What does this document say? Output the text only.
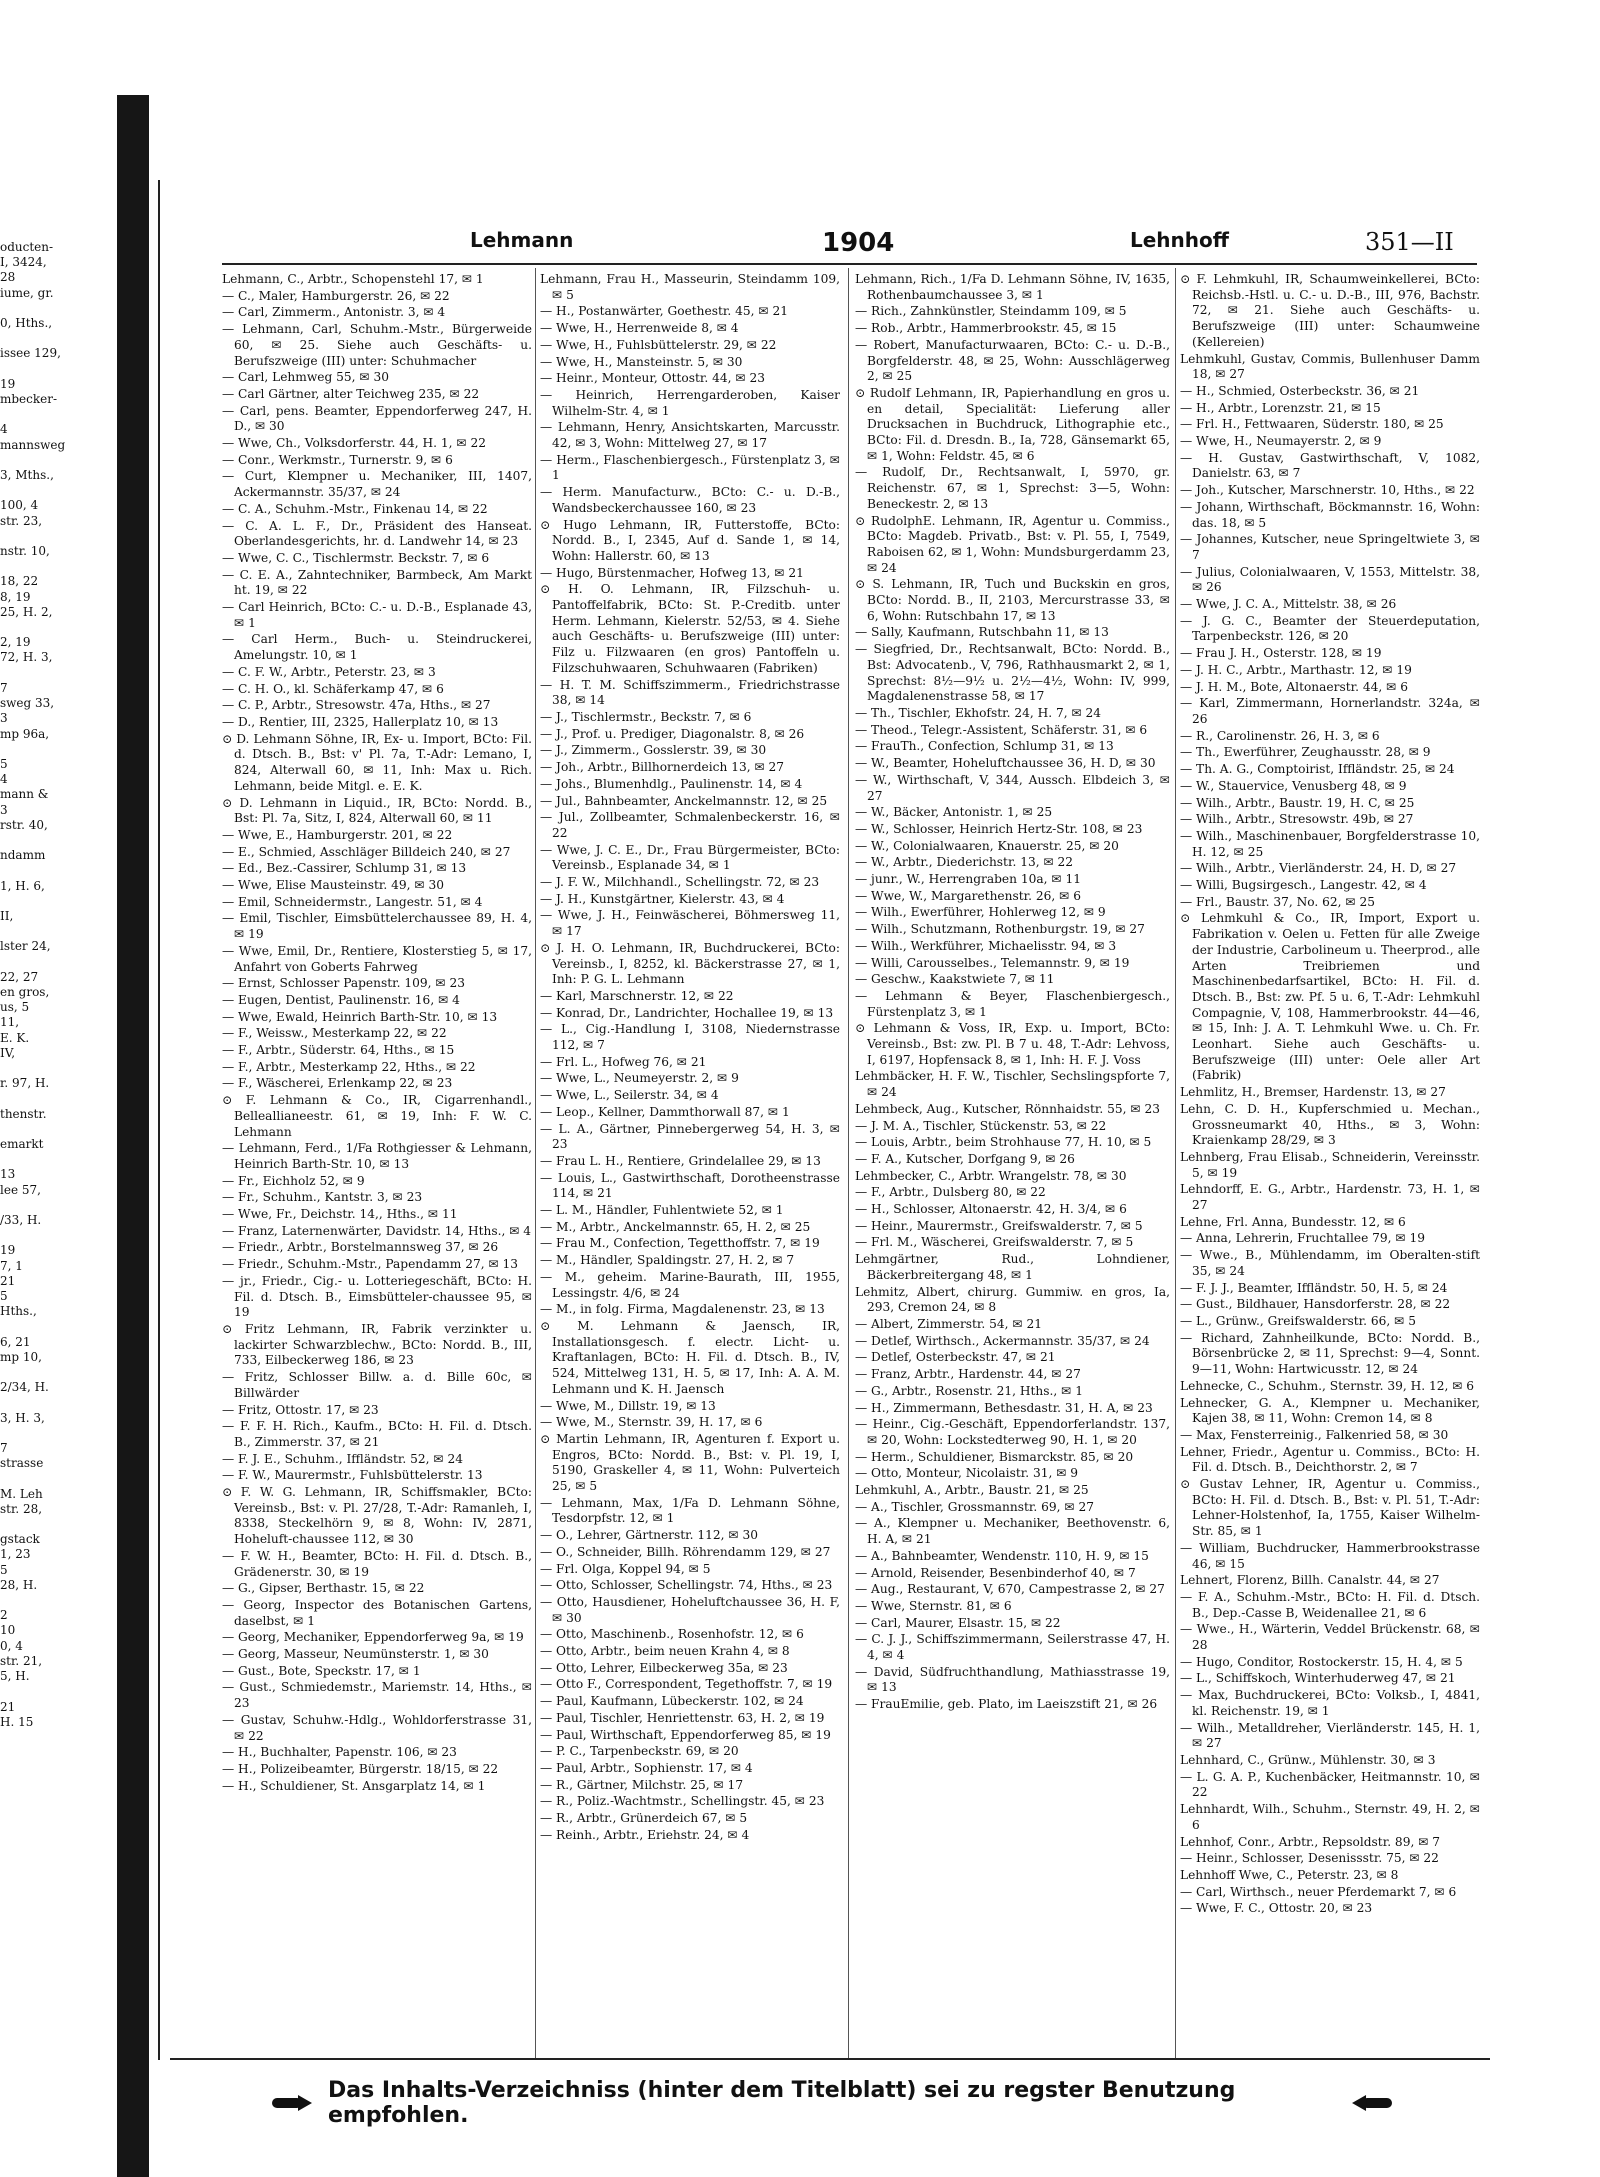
oducten-
I, 3424,
28
iume, gr.

0, Hths.,

issee 129,

19
mbecker-

4
mannsweg

3, Mths.,

100, 4
str. 23,

nstr. 10,

18, 22
8, 19
25, H. 2,

2, 19
72, H. 3,

7
sweg 33,
3
mp 96a,

5
4
mann &
3
rstr. 40,

ndamm

1, H. 6,

II,

lster 24,

22, 27
en gros,
us, 5
11,
E. K.
IV,

r. 97, H.

thenstr.

emarkt

13
lee 57,

/33, H.

19
7, 1
21
5
Hths.,

6, 21
mp 10,

2/34, H.

3, H. 3,

7
strasse

M. Leh
str. 28,

gstack
1, 23
5
28, H.

2
10
0, 4
str. 21,
5, H.

21
H. 15
Lehmann	1904	Lehnhoff	351—II

Lehmann, C., Arbtr., Schopenstehl 17, ✉ 1

— C., Maler, Hamburgerstr. 26, ✉ 22

— Carl, Zimmerm., Antonistr. 3, ✉ 4

— Lehmann, Carl, Schuhm.-Mstr., Bürgerweide 60, ✉ 25. Siehe auch Geschäfts- u. Berufszweige (III) unter: Schuhmacher

— Carl, Lehmweg 55, ✉ 30

— Carl Gärtner, alter Teichweg 235, ✉ 22

— Carl, pens. Beamter, Eppendorferweg 247, H. D., ✉ 30

— Wwe, Ch., Volksdorferstr. 44, H. 1, ✉ 22

— Conr., Werkmstr., Turnerstr. 9, ✉ 6

— Curt, Klempner u. Mechaniker, III, 1407, Ackermannstr. 35/37, ✉ 24

— C. A., Schuhm.-Mstr., Finkenau 14, ✉ 22

— C. A. L. F., Dr., Präsident des Hanseat. Oberlandesgerichts, hr. d. Landwehr 14, ✉ 23

— Wwe, C. C., Tischlermstr. Beckstr. 7, ✉ 6

— C. E. A., Zahntechniker, Barmbeck, Am Markt ht. 19, ✉ 22

— Carl Heinrich, BCto: C.- u. D.-B., Esplanade 43, ✉ 1

— Carl Herm., Buch- u. Steindruckerei, Amelungstr. 10, ✉ 1

— C. F. W., Arbtr., Peterstr. 23, ✉ 3

— C. H. O., kl. Schäferkamp 47, ✉ 6

— C. P., Arbtr., Stresowstr. 47a, Hths., ✉ 27

— D., Rentier, III, 2325, Hallerplatz 10, ✉ 13

⊙ D. Lehmann Söhne, IR, Ex- u. Import, BCto: Fil. d. Dtsch. B., Bst: v' Pl. 7a, T.-Adr: Lemano, I, 824, Alterwall 60, ✉ 11, Inh: Max u. Rich. Lehmann, beide Mitgl. e. E. K.

⊙ D. Lehmann in Liquid., IR, BCto: Nordd. B., Bst: Pl. 7a, Sitz, I, 824, Alterwall 60, ✉ 11

— Wwe, E., Hamburgerstr. 201, ✉ 22

— E., Schmied, Asschläger Billdeich 240, ✉ 27

— Ed., Bez.-Cassirer, Schlump 31, ✉ 13

— Wwe, Elise Mausteinstr. 49, ✉ 30

— Emil, Schneidermstr., Langestr. 51, ✉ 4

— Emil, Tischler, Eimsbüttelerchaussee 89, H. 4, ✉ 19

— Wwe, Emil, Dr., Rentiere, Klosterstieg 5, ✉ 17, Anfahrt von Goberts Fahrweg

— Ernst, Schlosser Papenstr. 109, ✉ 23

— Eugen, Dentist, Paulinenstr. 16, ✉ 4

— Wwe, Ewald, Heinrich Barth-Str. 10, ✉ 13

— F., Weissw., Mesterkamp 22, ✉ 22

— F., Arbtr., Süderstr. 64, Hths., ✉ 15

— F., Arbtr., Mesterkamp 22, Hths., ✉ 22

— F., Wäscherei, Erlenkamp 22, ✉ 23

⊙ F. Lehmann & Co., IR, Cigarrenhandl., Belleallianeestr. 61, ✉ 19, Inh: F. W. C. Lehmann

— Lehmann, Ferd., 1/Fa Rothgiesser & Lehmann, Heinrich Barth-Str. 10, ✉ 13

— Fr., Eichholz 52, ✉ 9

— Fr., Schuhm., Kantstr. 3, ✉ 23

— Wwe, Fr., Deichstr. 14,, Hths., ✉ 11

— Franz, Laternenwärter, Davidstr. 14, Hths., ✉ 4

— Friedr., Arbtr., Borstelmannsweg 37, ✉ 26

— Friedr., Schuhm.-Mstr., Papendamm 27, ✉ 13

— jr., Friedr., Cig.- u. Lotteriegeschäft, BCto: H. Fil. d. Dtsch. B., Eimsbütteler-chaussee 95, ✉ 19

⊙ Fritz Lehmann, IR, Fabrik verzinkter u. lackirter Schwarzblechw., BCto: Nordd. B., III, 733, Eilbeckerweg 186, ✉ 23

— Fritz, Schlosser Billw. a. d. Bille 60c, ✉ Billwärder

— Fritz, Ottostr. 17, ✉ 23

— F. F. H. Rich., Kaufm., BCto: H. Fil. d. Dtsch. B., Zimmerstr. 37, ✉ 21

— F. J. E., Schuhm., Iffländstr. 52, ✉ 24

— F. W., Maurermstr., Fuhlsbüttelerstr. 13

⊙ F. W. G. Lehmann, IR, Schiffsmakler, BCto: Vereinsb., Bst: v. Pl. 27/28, T.-Adr: Ramanleh, I, 8338, Steckelhörn 9, ✉ 8, Wohn: IV, 2871, Hoheluft-chaussee 112, ✉ 30

— F. W. H., Beamter, BCto: H. Fil. d. Dtsch. B., Grädenerstr. 30, ✉ 19

— G., Gipser, Berthastr. 15, ✉ 22

— Georg, Inspector des Botanischen Gartens, daselbst, ✉ 1

— Georg, Mechaniker, Eppendorferweg 9a, ✉ 19

— Georg, Masseur, Neumünsterstr. 1, ✉ 30

— Gust., Bote, Speckstr. 17, ✉ 1

— Gust., Schmiedemstr., Mariemstr. 14, Hths., ✉ 23

— Gustav, Schuhw.-Hdlg., Wohldorferstrasse 31, ✉ 22

— H., Buchhalter, Papenstr. 106, ✉ 23

— H., Polizeibeamter, Bürgerstr. 18/15, ✉ 22

— H., Schuldiener, St. Ansgarplatz 14, ✉ 1

Lehmann, Frau H., Masseurin, Steindamm 109, ✉ 5

— H., Postanwärter, Goethestr. 45, ✉ 21

— Wwe, H., Herrenweide 8, ✉ 4

— Wwe, H., Fuhlsbüttelerstr. 29, ✉ 22

— Wwe, H., Mansteinstr. 5, ✉ 30

— Heinr., Monteur, Ottostr. 44, ✉ 23

— Heinrich, Herrengarderoben, Kaiser Wilhelm-Str. 4, ✉ 1

— Lehmann, Henry, Ansichtskarten, Marcusstr. 42, ✉ 3, Wohn: Mittelweg 27, ✉ 17

— Herm., Flaschenbiergesch., Fürstenplatz 3, ✉ 1

— Herm. Manufacturw., BCto: C.- u. D.-B., Wandsbeckerchaussee 160, ✉ 23

⊙ Hugo Lehmann, IR, Futterstoffe, BCto: Nordd. B., I, 2345, Auf d. Sande 1, ✉ 14, Wohn: Hallerstr. 60, ✉ 13

— Hugo, Bürstenmacher, Hofweg 13, ✉ 21

⊙ H. O. Lehmann, IR, Filzschuh- u. Pantoffelfabrik, BCto: St. P.-Creditb. unter Herm. Lehmann, Kielerstr. 52/53, ✉ 4. Siehe auch Geschäfts- u. Berufszweige (III) unter: Filz u. Filzwaaren (en gros) Pantoffeln u. Filzschuhwaaren, Schuhwaaren (Fabriken)

— H. T. M. Schiffszimmerm., Friedrichstrasse 38, ✉ 14

— J., Tischlermstr., Beckstr. 7, ✉ 6

— J., Prof. u. Prediger, Diagonalstr. 8, ✉ 26

— J., Zimmerm., Gosslerstr. 39, ✉ 30

— Joh., Arbtr., Billhornerdeich 13, ✉ 27

— Johs., Blumenhdlg., Paulinenstr. 14, ✉ 4

— Jul., Bahnbeamter, Anckelmannstr. 12, ✉ 25

— Jul., Zollbeamter, Schmalenbeckerstr. 16, ✉ 22

— Wwe, J. C. E., Dr., Frau Bürgermeister, BCto: Vereinsb., Esplanade 34, ✉ 1

— J. F. W., Milchhandl., Schellingstr. 72, ✉ 23

— J. H., Kunstgärtner, Kielerstr. 43, ✉ 4

— Wwe, J. H., Feinwäscherei, Böhmersweg 11, ✉ 17

⊙ J. H. O. Lehmann, IR, Buchdruckerei, BCto: Vereinsb., I, 8252, kl. Bäckerstrasse 27, ✉ 1, Inh: P. G. L. Lehmann

— Karl, Marschnerstr. 12, ✉ 22

— Konrad, Dr., Landrichter, Hochallee 19, ✉ 13

— L., Cig.-Handlung I, 3108, Niedernstrasse 112, ✉ 7

— Frl. L., Hofweg 76, ✉ 21

— Wwe, L., Neumeyerstr. 2, ✉ 9

— Wwe, L., Seilerstr. 34, ✉ 4

— Leop., Kellner, Dammthorwall 87, ✉ 1

— L. A., Gärtner, Pinnebergerweg 54, H. 3, ✉ 23

— Frau L. H., Rentiere, Grindelallee 29, ✉ 13

— Louis, L., Gastwirthschaft, Dorotheenstrasse 114, ✉ 21

— L. M., Händler, Fuhlentwiete 52, ✉ 1

— M., Arbtr., Anckelmannstr. 65, H. 2, ✉ 25

— Frau M., Confection, Tegetthoffstr. 7, ✉ 19

— M., Händler, Spaldingstr. 27, H. 2, ✉ 7

— M., geheim. Marine-Baurath, III, 1955, Lessingstr. 4/6, ✉ 24

— M., in folg. Firma, Magdalenenstr. 23, ✉ 13

⊙ M. Lehmann & Jaensch, IR, Installationsgesch. f. electr. Licht- u. Kraftanlagen, BCto: H. Fil. d. Dtsch. B., IV, 524, Mittelweg 131, H. 5, ✉ 17, Inh: A. A. M. Lehmann und K. H. Jaensch

— Wwe, M., Dillstr. 19, ✉ 13

— Wwe, M., Sternstr. 39, H. 17, ✉ 6

⊙ Martin Lehmann, IR, Agenturen f. Export u. Engros, BCto: Nordd. B., Bst: v. Pl. 19, I, 5190, Graskeller 4, ✉ 11, Wohn: Pulverteich 25, ✉ 5

— Lehmann, Max, 1/Fa D. Lehmann Söhne, Tesdorpfstr. 12, ✉ 1

— O., Lehrer, Gärtnerstr. 112, ✉ 30

— O., Schneider, Billh. Röhrendamm 129, ✉ 27

— Frl. Olga, Koppel 94, ✉ 5

— Otto, Schlosser, Schellingstr. 74, Hths., ✉ 23

— Otto, Hausdiener, Hoheluftchaussee 36, H. F, ✉ 30

— Otto, Maschinenb., Rosenhofstr. 12, ✉ 6

— Otto, Arbtr., beim neuen Krahn 4, ✉ 8

— Otto, Lehrer, Eilbeckerweg 35a, ✉ 23

— Otto F., Correspondent, Tegethoffstr. 7, ✉ 19

— Paul, Kaufmann, Lübeckerstr. 102, ✉ 24

— Paul, Tischler, Henriettenstr. 63, H. 2, ✉ 19

— Paul, Wirthschaft, Eppendorferweg 85, ✉ 19

— P. C., Tarpenbeckstr. 69, ✉ 20

— Paul, Arbtr., Sophienstr. 17, ✉ 4

— R., Gärtner, Milchstr. 25, ✉ 17

— R., Poliz.-Wachtmstr., Schellingstr. 45, ✉ 23

— R., Arbtr., Grünerdeich 67, ✉ 5

— Reinh., Arbtr., Eriehstr. 24, ✉ 4

Lehmann, Rich., 1/Fa D. Lehmann Söhne, IV, 1635, Rothenbaumchaussee 3, ✉ 1

— Rich., Zahnkünstler, Steindamm 109, ✉ 5

— Rob., Arbtr., Hammerbrookstr. 45, ✉ 15

— Robert, Manufacturwaaren, BCto: C.- u. D.-B., Borgfelderstr. 48, ✉ 25, Wohn: Ausschlägerweg 2, ✉ 25

⊙ Rudolf Lehmann, IR, Papierhandlung en gros u. en detail, Specialität: Lieferung aller Drucksachen in Buchdruck, Lithographie etc., BCto: Fil. d. Dresdn. B., Ia, 728, Gänsemarkt 65, ✉ 1, Wohn: Feldstr. 45, ✉ 6

— Rudolf, Dr., Rechtsanwalt, I, 5970, gr. Reichenstr. 67, ✉ 1, Sprechst: 3—5, Wohn: Beneckestr. 2, ✉ 13

⊙ RudolphE. Lehmann, IR, Agentur u. Commiss., BCto: Magdeb. Privatb., Bst: v. Pl. 55, I, 7549, Raboisen 62, ✉ 1, Wohn: Mundsburgerdamm 23, ✉ 24

⊙ S. Lehmann, IR, Tuch und Buckskin en gros, BCto: Nordd. B., II, 2103, Mercurstrasse 33, ✉ 6, Wohn: Rutschbahn 17, ✉ 13

— Sally, Kaufmann, Rutschbahn 11, ✉ 13

— Siegfried, Dr., Rechtsanwalt, BCto: Nordd. B., Bst: Advocatenb., V, 796, Rathhausmarkt 2, ✉ 1, Sprechst: 8½—9½ u. 2½—4½, Wohn: IV, 999, Magdalenenstrasse 58, ✉ 17

— Th., Tischler, Ekhofstr. 24, H. 7, ✉ 24

— Theod., Telegr.-Assistent, Schäferstr. 31, ✉ 6

— FrauTh., Confection, Schlump 31, ✉ 13

— W., Beamter, Hoheluftchaussee 36, H. D, ✉ 30

— W., Wirthschaft, V, 344, Aussch. Elbdeich 3, ✉ 27

— W., Bäcker, Antonistr. 1, ✉ 25

— W., Schlosser, Heinrich Hertz-Str. 108, ✉ 23

— W., Colonialwaaren, Knauerstr. 25, ✉ 20

— W., Arbtr., Diederichstr. 13, ✉ 22

— junr., W., Herrengraben 10a, ✉ 11

— Wwe, W., Margarethenstr. 26, ✉ 6

— Wilh., Ewerführer, Hohlerweg 12, ✉ 9

— Wilh., Schutzmann, Rothenburgstr. 19, ✉ 27

— Wilh., Werkführer, Michaelisstr. 94, ✉ 3

— Willi, Carousselbes., Telemannstr. 9, ✉ 19

— Geschw., Kaakstwiete 7, ✉ 11

— Lehmann & Beyer, Flaschenbiergesch., Fürstenplatz 3, ✉ 1

⊙ Lehmann & Voss, IR, Exp. u. Import, BCto: Vereinsb., Bst: zw. Pl. B 7 u. 48, T.-Adr: Lehvoss, I, 6197, Hopfensack 8, ✉ 1, Inh: H. F. J. Voss

Lehmbäcker, H. F. W., Tischler, Sechslingspforte 7, ✉ 24

Lehmbeck, Aug., Kutscher, Rönnhaidstr. 55, ✉ 23

— J. M. A., Tischler, Stückenstr. 53, ✉ 22

— Louis, Arbtr., beim Strohhause 77, H. 10, ✉ 5

— F. A., Kutscher, Dorfgang 9, ✉ 26

Lehmbecker, C., Arbtr. Wrangelstr. 78, ✉ 30

— F., Arbtr., Dulsberg 80, ✉ 22

— H., Schlosser, Altonaerstr. 42, H. 3/4, ✉ 6

— Heinr., Maurermstr., Greifswalderstr. 7, ✉ 5

— Frl. M., Wäscherei, Greifswalderstr. 7, ✉ 5

Lehmgärtner, Rud., Lohndiener, Bäckerbreitergang 48, ✉ 1

Lehmitz, Albert, chirurg. Gummiw. en gros, Ia, 293, Cremon 24, ✉ 8

— Albert, Zimmerstr. 54, ✉ 21

— Detlef, Wirthsch., Ackermannstr. 35/37, ✉ 24

— Detlef, Osterbeckstr. 47, ✉ 21

— Franz, Arbtr., Hardenstr. 44, ✉ 27

— G., Arbtr., Rosenstr. 21, Hths., ✉ 1

— H., Zimmermann, Bethesdastr. 31, H. A, ✉ 23

— Heinr., Cig.-Geschäft, Eppendorferlandstr. 137, ✉ 20, Wohn: Lockstedterweg 90, H. 1, ✉ 20

— Herm., Schuldiener, Bismarckstr. 85, ✉ 20

— Otto, Monteur, Nicolaistr. 31, ✉ 9

Lehmkuhl, A., Arbtr., Baustr. 21, ✉ 25

— A., Tischler, Grossmannstr. 69, ✉ 27

— A., Klempner u. Mechaniker, Beethovenstr. 6, H. A, ✉ 21

— A., Bahnbeamter, Wendenstr. 110, H. 9, ✉ 15

— Arnold, Reisender, Besenbinderhof 40, ✉ 7

— Aug., Restaurant, V, 670, Campestrasse 2, ✉ 27

— Wwe, Sternstr. 81, ✉ 6

— Carl, Maurer, Elsastr. 15, ✉ 22

— C. J. J., Schiffszimmermann, Seilerstrasse 47, H. 4, ✉ 4

— David, Südfruchthandlung, Mathiasstrasse 19, ✉ 13

— FrauEmilie, geb. Plato, im Laeiszstift 21, ✉ 26

⊙ F. Lehmkuhl, IR, Schaumweinkellerei, BCto: Reichsb.-Hstl. u. C.- u. D.-B., III, 976, Bachstr. 72, ✉ 21. Siehe auch Geschäfts- u. Berufszweige (III) unter: Schaumweine (Kellereien)

Lehmkuhl, Gustav, Commis, Bullenhuser Damm 18, ✉ 27

— H., Schmied, Osterbeckstr. 36, ✉ 21

— H., Arbtr., Lorenzstr. 21, ✉ 15

— Frl. H., Fettwaaren, Süderstr. 180, ✉ 25

— Wwe, H., Neumayerstr. 2, ✉ 9

— H. Gustav, Gastwirthschaft, V, 1082, Danielstr. 63, ✉ 7

— Joh., Kutscher, Marschnerstr. 10, Hths., ✉ 22

— Johann, Wirthschaft, Böckmannstr. 16, Wohn: das. 18, ✉ 5

— Johannes, Kutscher, neue Springeltwiete 3, ✉ 7

— Julius, Colonialwaaren, V, 1553, Mittelstr. 38, ✉ 26

— Wwe, J. C. A., Mittelstr. 38, ✉ 26

— J. G. C., Beamter der Steuerdeputation, Tarpenbeckstr. 126, ✉ 20

— Frau J. H., Osterstr. 128, ✉ 19

— J. H. C., Arbtr., Marthastr. 12, ✉ 19

— J. H. M., Bote, Altonaerstr. 44, ✉ 6

— Karl, Zimmermann, Hornerlandstr. 324a, ✉ 26

— R., Carolinenstr. 26, H. 3, ✉ 6

— Th., Ewerführer, Zeughausstr. 28, ✉ 9

— Th. A. G., Comptoirist, Iffländstr. 25, ✉ 24

— W., Stauervice, Venusberg 48, ✉ 9

— Wilh., Arbtr., Baustr. 19, H. C, ✉ 25

— Wilh., Arbtr., Stresowstr. 49b, ✉ 27

— Wilh., Maschinenbauer, Borgfelderstrasse 10, H. 12, ✉ 25

— Wilh., Arbtr., Vierländerstr. 24, H. D, ✉ 27

— Willi, Bugsirgesch., Langestr. 42, ✉ 4

— Frl., Baustr. 37, No. 62, ✉ 25

⊙ Lehmkuhl & Co., IR, Import, Export u. Fabrikation v. Oelen u. Fetten für alle Zweige der Industrie, Carbolineum u. Theerprod., alle Arten Treibriemen und Maschinenbedarfsartikel, BCto: H. Fil. d. Dtsch. B., Bst: zw. Pf. 5 u. 6, T.-Adr: Lehmkuhl Compagnie, V, 108, Hammerbrookstr. 44—46, ✉ 15, Inh: J. A. T. Lehmkuhl Wwe. u. Ch. Fr. Leonhart. Siehe auch Geschäfts- u. Berufszweige (III) unter: Oele aller Art (Fabrik)

Lehmlitz, H., Bremser, Hardenstr. 13, ✉ 27

Lehn, C. D. H., Kupferschmied u. Mechan., Grossneumarkt 40, Hths., ✉ 3, Wohn: Kraienkamp 28/29, ✉ 3

Lehnberg, Frau Elisab., Schneiderin, Vereinsstr. 5, ✉ 19

Lehndorff, E. G., Arbtr., Hardenstr. 73, H. 1, ✉ 27

Lehne, Frl. Anna, Bundesstr. 12, ✉ 6

— Anna, Lehrerin, Fruchtallee 79, ✉ 19

— Wwe., B., Mühlendamm, im Oberalten-stift 35, ✉ 24

— F. J. J., Beamter, Iffländstr. 50, H. 5, ✉ 24

— Gust., Bildhauer, Hansdorferstr. 28, ✉ 22

— L., Grünw., Greifswalderstr. 66, ✉ 5

— Richard, Zahnheilkunde, BCto: Nordd. B., Börsenbrücke 2, ✉ 11, Sprechst: 9—4, Sonnt. 9—11, Wohn: Hartwicusstr. 12, ✉ 24

Lehnecke, C., Schuhm., Sternstr. 39, H. 12, ✉ 6

Lehnecker, G. A., Klempner u. Mechaniker, Kajen 38, ✉ 11, Wohn: Cremon 14, ✉ 8

— Max, Fensterreinig., Falkenried 58, ✉ 30

Lehner, Friedr., Agentur u. Commiss., BCto: H. Fil. d. Dtsch. B., Deichthorstr. 2, ✉ 7

⊙ Gustav Lehner, IR, Agentur u. Commiss., BCto: H. Fil. d. Dtsch. B., Bst: v. Pl. 51, T.-Adr: Lehner-Holstenhof, Ia, 1755, Kaiser Wilhelm-Str. 85, ✉ 1

— William, Buchdrucker, Hammerbrookstrasse 46, ✉ 15

Lehnert, Florenz, Billh. Canalstr. 44, ✉ 27

— F. A., Schuhm.-Mstr., BCto: H. Fil. d. Dtsch. B., Dep.-Casse B, Weidenallee 21, ✉ 6

— Wwe., H., Wärterin, Veddel Brückenstr. 68, ✉ 28

— Hugo, Conditor, Rostockerstr. 15, H. 4, ✉ 5

— L., Schiffskoch, Winterhuderweg 47, ✉ 21

— Max, Buchdruckerei, BCto: Volksb., I, 4841, kl. Reichenstr. 19, ✉ 1

— Wilh., Metalldreher, Vierländerstr. 145, H. 1, ✉ 27

Lehnhard, C., Grünw., Mühlenstr. 30, ✉ 3

— L. G. A. P., Kuchenbäcker, Heitmannstr. 10, ✉ 22

Lehnhardt, Wilh., Schuhm., Sternstr. 49, H. 2, ✉ 6

Lehnhof, Conr., Arbtr., Repsoldstr. 89, ✉ 7

— Heinr., Schlosser, Desenissstr. 75, ✉ 22

Lehnhoff Wwe, C., Peterstr. 23, ✉ 8

— Carl, Wirthsch., neuer Pferdemarkt 7, ✉ 6

— Wwe, F. C., Ottostr. 20, ✉ 23

Das Inhalts-Verzeichniss (hinter dem Titelblatt) sei zu regster Benutzung empfohlen.
